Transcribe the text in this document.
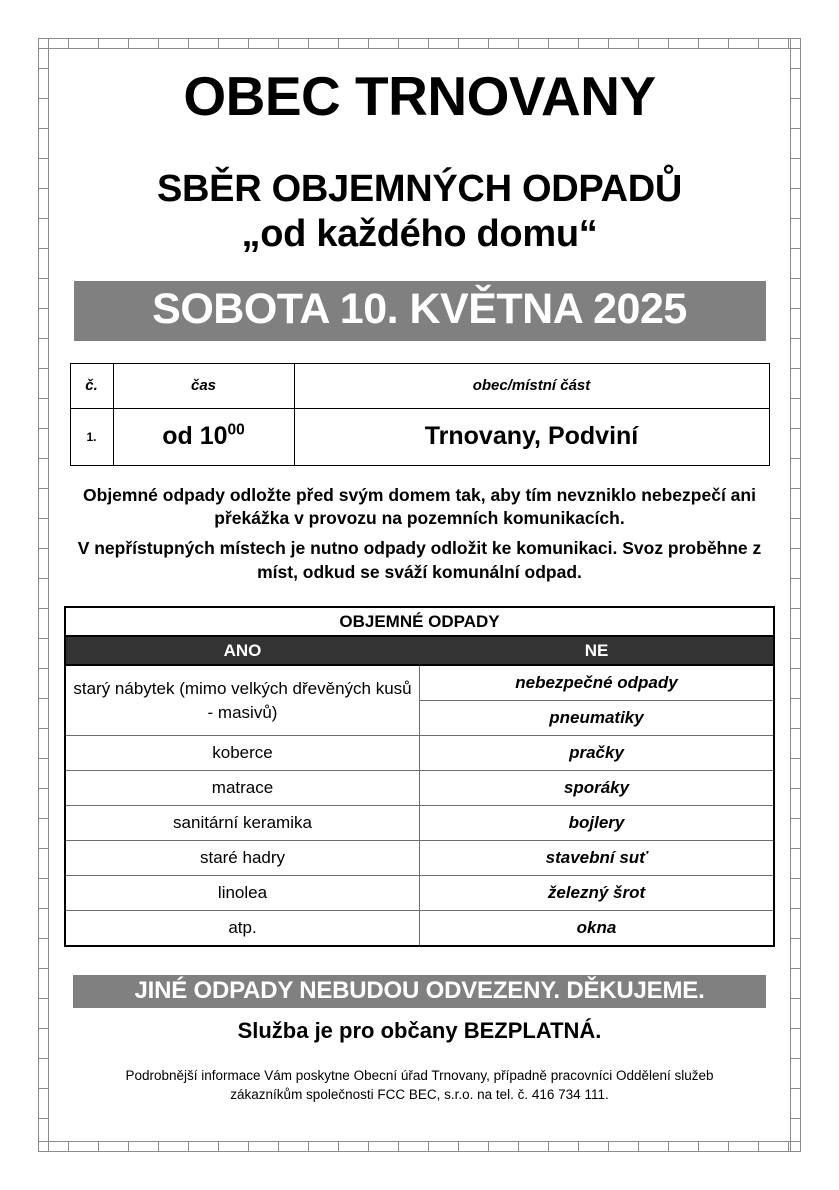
OBEC TRNOVANY
SBĚR OBJEMNÝCH ODPADŮ
„od každého domu“
SOBOTA 10. KVĚTNA 2025
č.	čas	obec/místní část
1.	od $10^{00}$	Trnovany, Podviní

Objemné odpady odložte před svým domem tak, aby tím nevzniklo nebezpečí ani překážka v provozu na pozemních komunikacích.

V nepřístupných místech je nutno odpady odložit ke komunikaci. Svoz proběhne z míst, odkud se sváží komunální odpad.

OBJEMNÉ ODPADY	
ANO	NE
starý nábytek (mimo velkých dřevěných kusů - masivů)	nebezpečné odpady
	pneumatiky
koberce	pračky
matrace	sporáky
sanitární keramika	bojlery
staré hadry	stavební suť
linolea	železný šrot
atp.	okna
JINÉ ODPADY NEBUDOU ODVEZENY. DĚKUJEME.
Služba je pro občany BEZPLATNÁ.
Podrobnější informace Vám poskytne Obecní úřad Trnovany, případně pracovníci Oddělení služeb
zákazníkům společnosti FCC BEC, s.r.o. na tel. č. 416 734 111.
